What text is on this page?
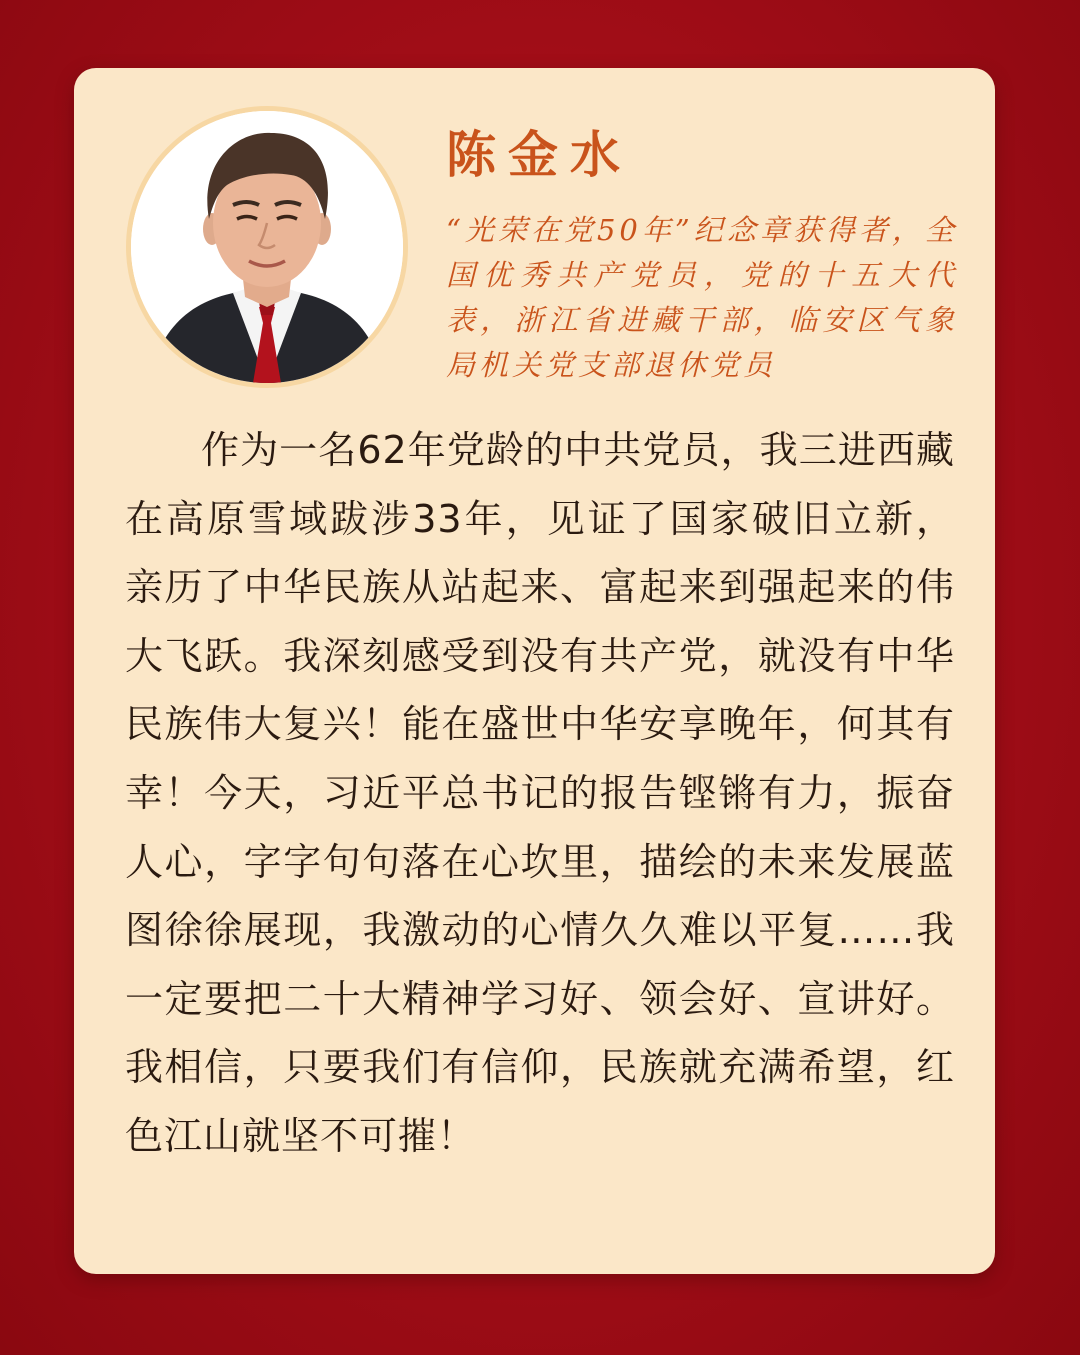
陈金水

“光荣在党50年”纪念章获得者，全国优秀共产党员，党的十五大代表，浙江省进藏干部，临安区气象局机关党支部退休党员

作为一名62年党龄的中共党员，我三进西藏在高原雪域跋涉33年，见证了国家破旧立新，亲历了中华民族从站起来、富起来到强起来的伟大飞跃。我深刻感受到没有共产党，就没有中华民族伟大复兴！能在盛世中华安享晚年，何其有幸！今天，习近平总书记的报告铿锵有力，振奋人心，字字句句落在心坎里，描绘的未来发展蓝图徐徐展现，我激动的心情久久难以平复……我一定要把二十大精神学习好、领会好、宣讲好。我相信，只要我们有信仰，民族就充满希望，红色江山就坚不可摧！
